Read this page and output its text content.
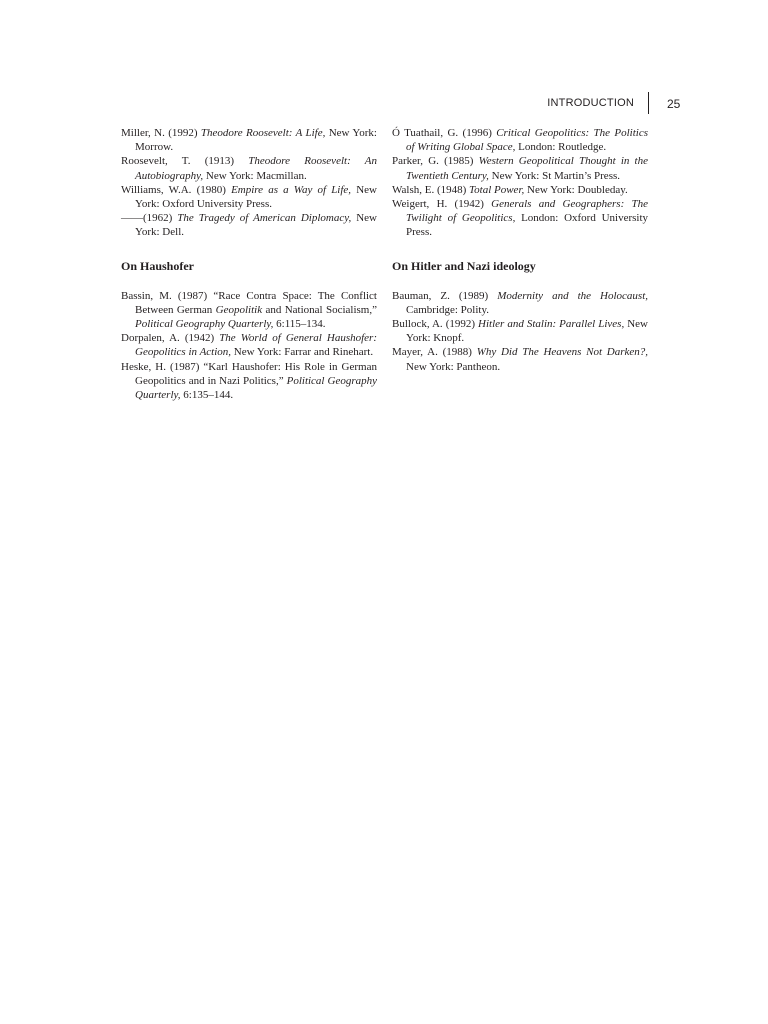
INTRODUCTION	25

Miller, N. (1992) Theodore Roosevelt: A Life, New York: Morrow.

Roosevelt, T. (1913) Theodore Roosevelt: An Autobiography, New York: Macmillan.

Williams, W.A. (1980) Empire as a Way of Life, New York: Oxford University Press.

——(1962) The Tragedy of American Diplomacy, New York: Dell.

On Haushofer

Bassin, M. (1987) “Race Contra Space: The Conflict Between German Geopolitik and National Socialism,” Political Geography Quarterly, 6:115–134.

Dorpalen, A. (1942) The World of General Haushofer: Geopolitics in Action, New York: Farrar and Rinehart.

Heske, H. (1987) “Karl Haushofer: His Role in German Geopolitics and in Nazi Politics,” Political Geography Quarterly, 6:135–144.

Ó Tuathail, G. (1996) Critical Geopolitics: The Politics of Writing Global Space, London: Routledge.

Parker, G. (1985) Western Geopolitical Thought in the Twentieth Century, New York: St Martin’s Press.

Walsh, E. (1948) Total Power, New York: Doubleday.

Weigert, H. (1942) Generals and Geographers: The Twilight of Geopolitics, London: Oxford University Press.

On Hitler and Nazi ideology

Bauman, Z. (1989) Modernity and the Holocaust, Cambridge: Polity.

Bullock, A. (1992) Hitler and Stalin: Parallel Lives, New York: Knopf.

Mayer, A. (1988) Why Did The Heavens Not Darken?, New York: Pantheon.
